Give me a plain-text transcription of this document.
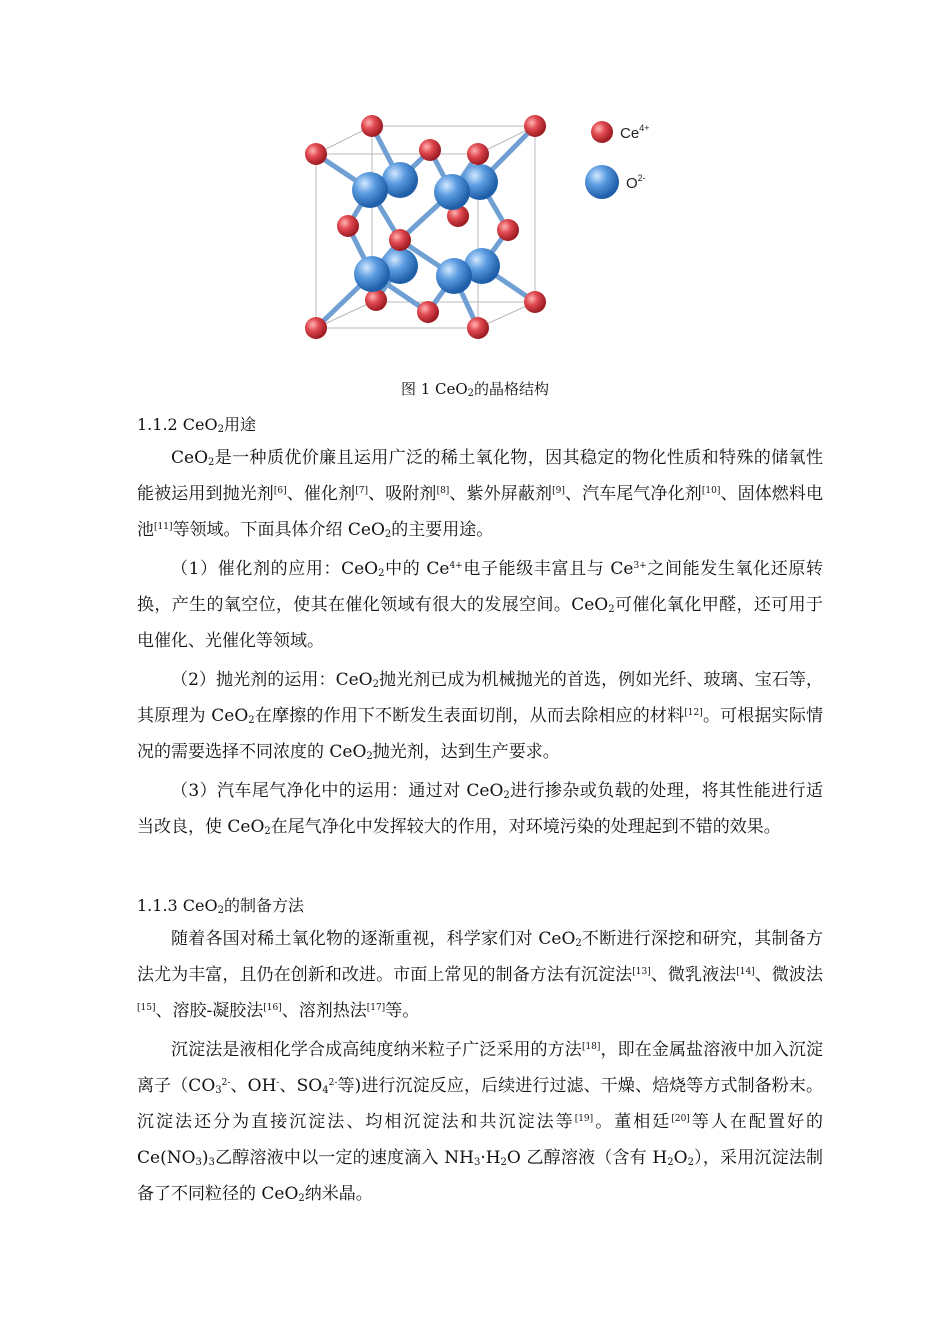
$Ce^{4+}$
$O^{2-}$
图 1 CeO$_2$的晶格结构
1.1.2 CeO$_2$用途

CeO$_2$是一种质优价廉且运用广泛的稀土氧化物，因其稳定的物化性质和特殊的储氧性能被运用到抛光剂[6]、催化剂[7]、吸附剂[8]、紫外屏蔽剂[9]、汽车尾气净化剂[10]、固体燃料电池[11]等领域。下面具体介绍 CeO$_2$的主要用途。

（1）催化剂的应用：CeO$_2$中的 $Ce^{4+}$电子能级丰富且与 $Ce^{3+}$之间能发生氧化还原转换，产生的氧空位，使其在催化领域有很大的发展空间。CeO$_2$可催化氧化甲醛，还可用于电催化、光催化等领域。

（2）抛光剂的运用：CeO$_2$抛光剂已成为机械抛光的首选，例如光纤、玻璃、宝石等，其原理为 CeO$_2$在摩擦的作用下不断发生表面切削，从而去除相应的材料[12]。可根据实际情况的需要选择不同浓度的 CeO$_2$抛光剂，达到生产要求。

（3）汽车尾气净化中的运用：通过对 CeO$_2$进行掺杂或负载的处理，将其性能进行适当改良，使 CeO$_2$在尾气净化中发挥较大的作用，对环境污染的处理起到不错的效果。

1.1.3 CeO$_2$的制备方法

随着各国对稀土氧化物的逐渐重视，科学家们对 CeO$_2$不断进行深挖和研究，其制备方法尤为丰富，且仍在创新和改进。市面上常见的制备方法有沉淀法[13]、微乳液法[14]、微波法[15]、溶胶-凝胶法[16]、溶剂热法[17]等。

沉淀法是液相化学合成高纯度纳米粒子广泛采用的方法[18]，即在金属盐溶液中加入沉淀离子（$CO_3^{2-}$、OH-、$SO_4^{2-}$等)进行沉淀反应，后续进行过滤、干燥、焙烧等方式制备粉末。沉淀法还分为直接沉淀法、均相沉淀法和共沉淀法等[19]。董相廷[20]等人在配置好的 $Ce(NO_3)_3$乙醇溶液中以一定的速度滴入 $NH_3\cdot H_2O$ 乙醇溶液（含有 $H_2O_2$），采用沉淀法制备了不同粒径的 CeO$_2$纳米晶。
